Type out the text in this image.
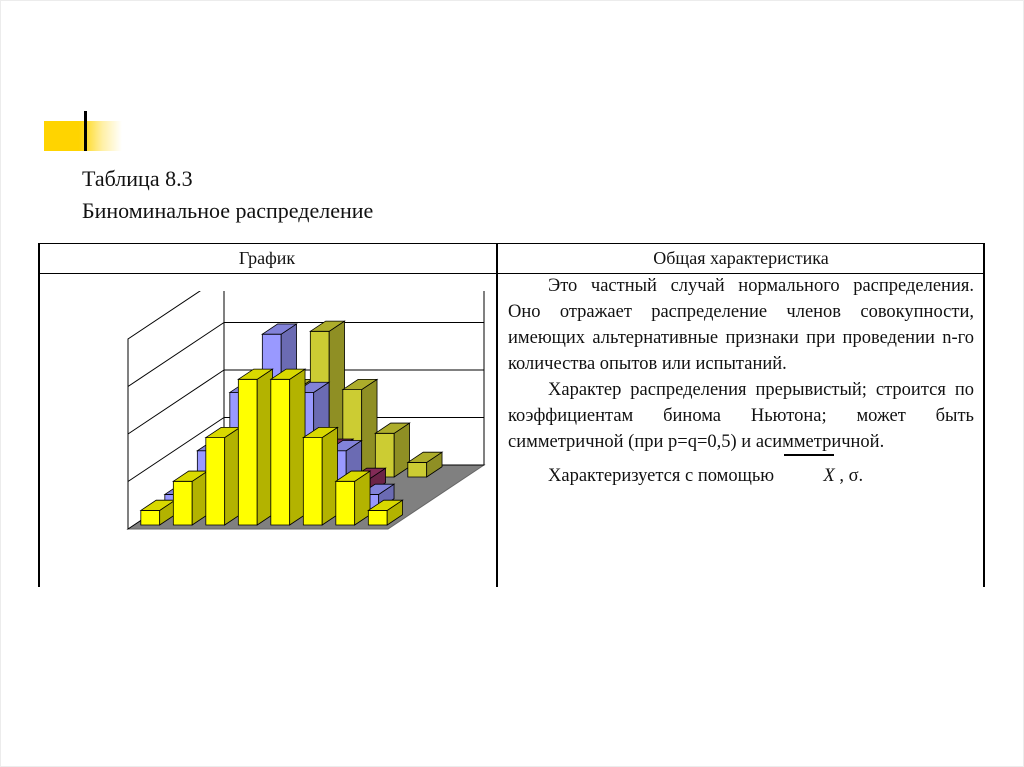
Таблица 8.3
Биноминальное распределение
График	Общая характеристика

Это частный случай нормального распределения. Оно отражает распределение членов совокупности, имеющих альтернативные признаки при проведении n-го количества опытов или испытаний.

Характер распределения прерывистый; строится по коэффициентам бинома Ньютона; может быть симметричной (при p=q=0,5) и асимметричной.

Характеризуется с помощью	X , σ.
